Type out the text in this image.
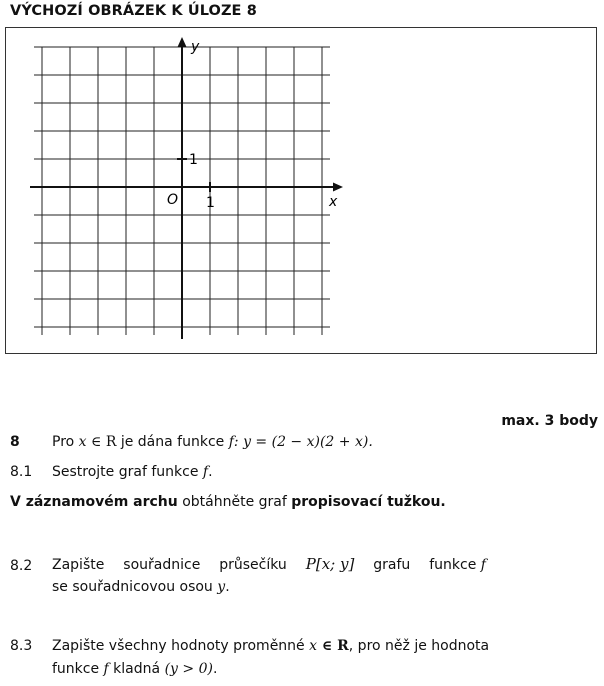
VÝCHOZÍ OBRÁZEK K ÚLOZE 8
y
x
O 1
1
max. 3 body
8 Pro x ∈ R je dána funkce f: y = (2 − x)(2 + x).
8.1 Sestrojte graf funkce f.
V záznamovém archu obtáhněte graf propisovací tužkou.
8.2 Zapište souřadnice průsečíku P[x; y] grafu funkce f
se souřadnicovou osou y.
8.3 Zapište všechny hodnoty proměnné x ∈ R, pro něž je hodnota
funkce f kladná (y > 0).
